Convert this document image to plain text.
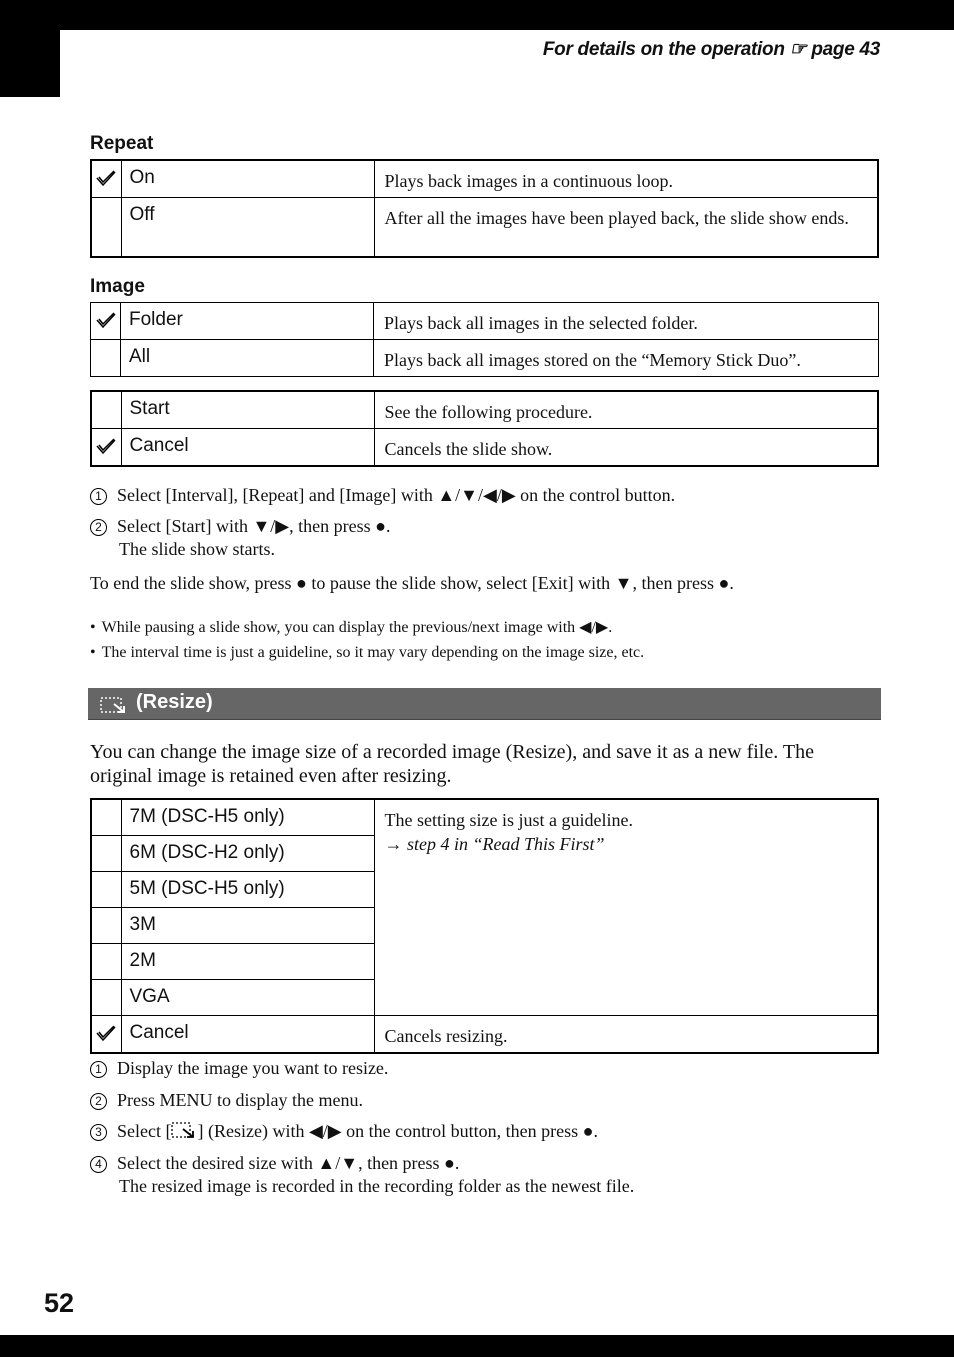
For details on the operation ☞ page 43
Repeat
	On	Plays back images in a continuous loop.
	Off	After all the images have been played back, the slide show ends.
Image
	Folder	Plays back all images in the selected folder.
	All	Plays back all images stored on the “Memory Stick Duo”.
	Start	See the following procedure.

	Cancel	Cancels the slide show.
1 Select [Interval], [Repeat] and [Image] with ▲/▼/◀/▶ on the control button.
2 Select [Start] with ▼/▶, then press ●.
The slide show starts.
To end the slide show, press ● to pause the slide show, select [Exit] with ▼, then press ●.
• While pausing a slide show, you can display the previous/next image with ◀/▶.
• The interval time is just a guideline, so it may vary depending on the image size, etc.
(Resize)
You can change the image size of a recorded image (Resize), and save it as a new file. The original image is retained even after resizing.
	7M (DSC-H5 only)	The setting size is just a guideline.
→ step 4 in “Read This First”
	6M (DSC-H2 only)	
	5M (DSC-H5 only)	
	3M	
	2M	
	VGA	

	Cancel	Cancels resizing.
1 Display the image you want to resize.
2 Press MENU to display the menu.
3 Select [ ] (Resize) with ◀/▶ on the control button, then press ●.
4 Select the desired size with ▲/▼, then press ●.
The resized image is recorded in the recording folder as the newest file.
52
